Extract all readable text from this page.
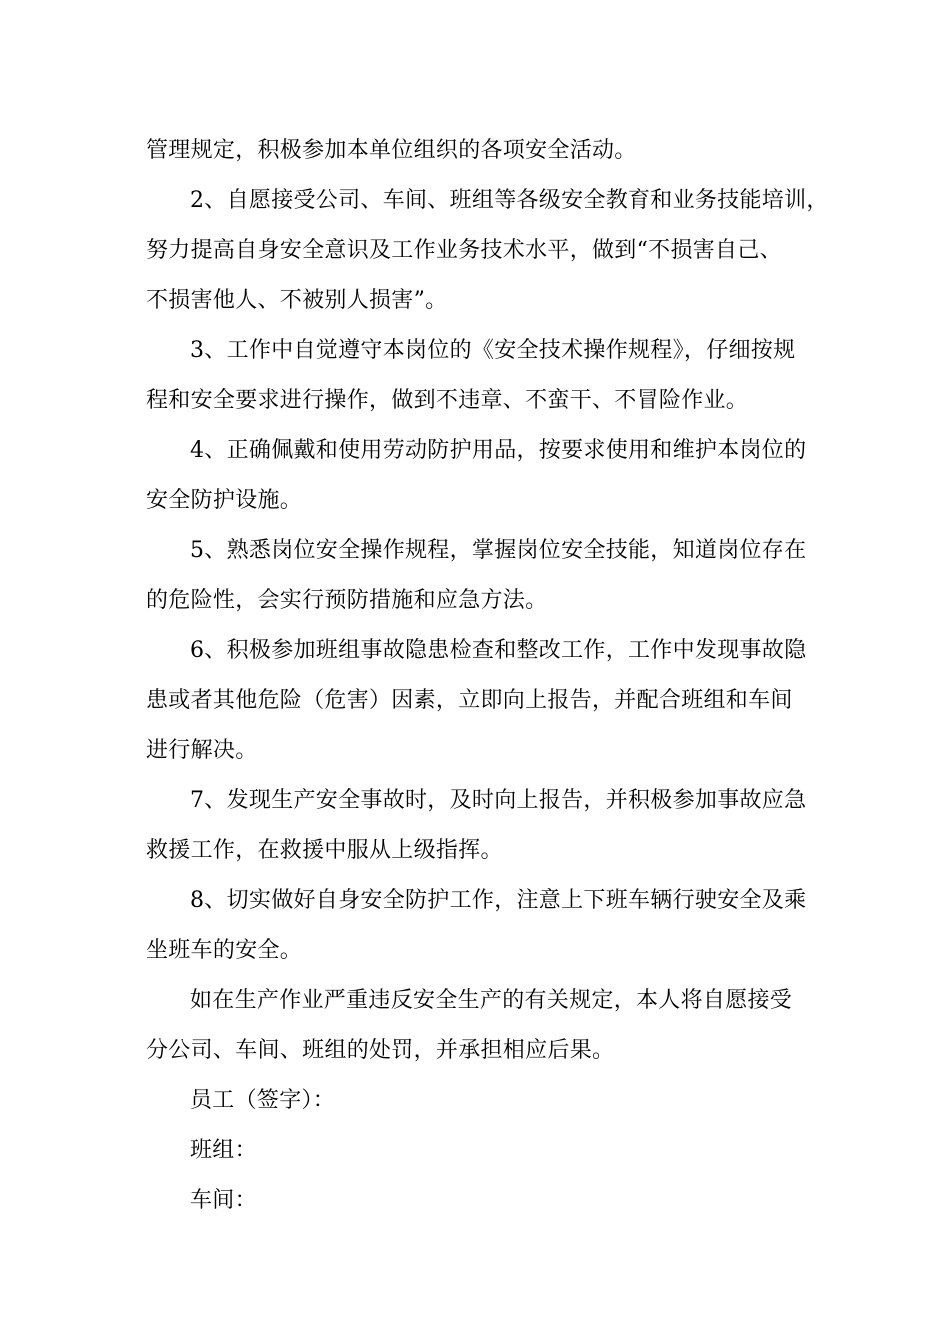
管理规定，积极参加本单位组织的各项安全活动。
2、自愿接受公司、车间、班组等各级安全教育和业务技能培训，
努力提高自身安全意识及工作业务技术水平，做到“不损害自己、
不损害他人、不被别人损害”。
3、工作中自觉遵守本岗位的《安全技术操作规程》，仔细按规
程和安全要求进行操作，做到不违章、不蛮干、不冒险作业。
4、正确佩戴和使用劳动防护用品，按要求使用和维护本岗位的
安全防护设施。
5、熟悉岗位安全操作规程，掌握岗位安全技能，知道岗位存在
的危险性，会实行预防措施和应急方法。
6、积极参加班组事故隐患检查和整改工作，工作中发现事故隐
患或者其他危险（危害）因素，立即向上报告，并配合班组和车间
进行解决。
7、发现生产安全事故时，及时向上报告，并积极参加事故应急
救援工作，在救援中服从上级指挥。
8、切实做好自身安全防护工作，注意上下班车辆行驶安全及乘
坐班车的安全。
如在生产作业严重违反安全生产的有关规定，本人将自愿接受
分公司、车间、班组的处罚，并承担相应后果。
员工（签字）：
班组：
车间：
